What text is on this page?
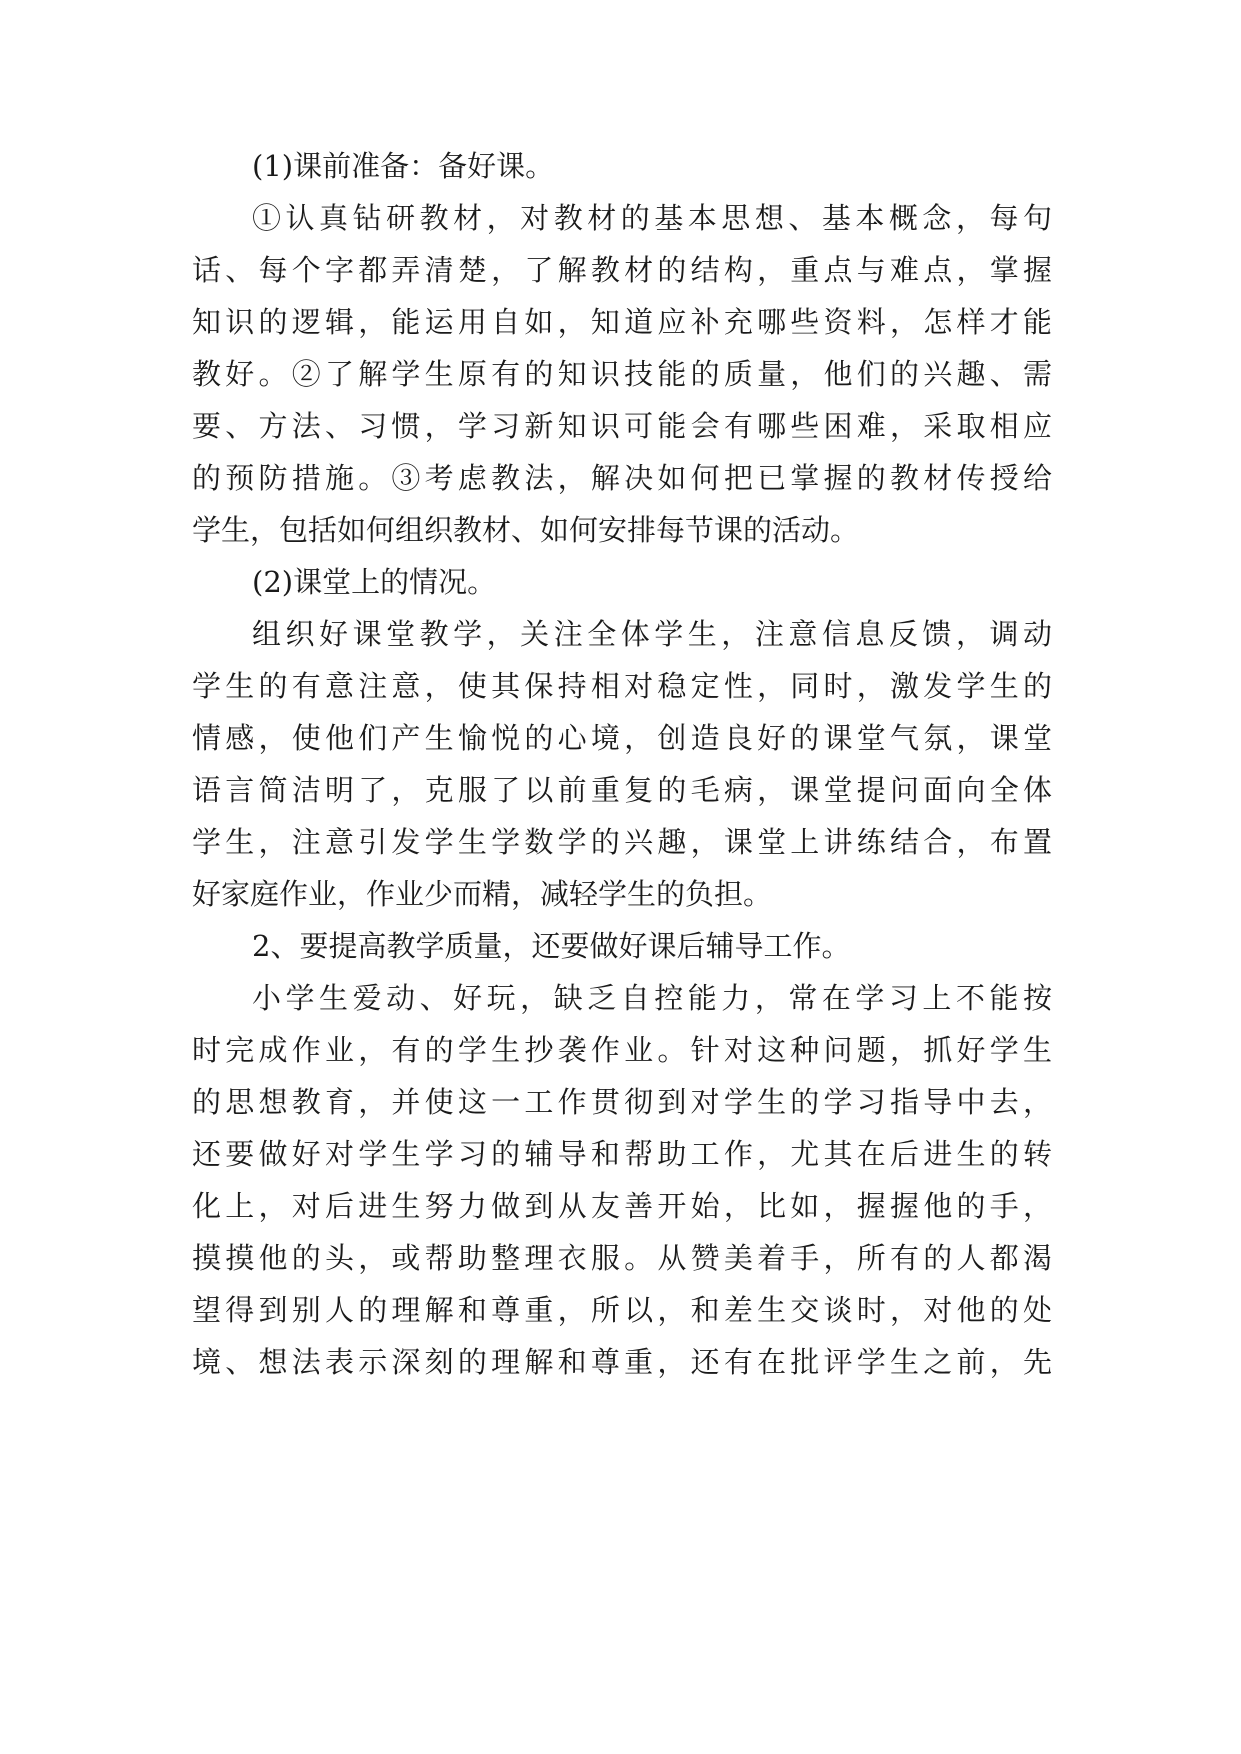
(1)课前准备：备好课。
①认真钻研教材，对教材的基本思想、基本概念，每句
话、每个字都弄清楚，了解教材的结构，重点与难点，掌握
知识的逻辑，能运用自如，知道应补充哪些资料，怎样才能
教好。②了解学生原有的知识技能的质量，他们的兴趣、需
要、方法、习惯，学习新知识可能会有哪些困难，采取相应
的预防措施。③考虑教法，解决如何把已掌握的教材传授给
学生，包括如何组织教材、如何安排每节课的活动。
(2)课堂上的情况。
组织好课堂教学，关注全体学生，注意信息反馈，调动
学生的有意注意，使其保持相对稳定性，同时，激发学生的
情感，使他们产生愉悦的心境，创造良好的课堂气氛，课堂
语言简洁明了，克服了以前重复的毛病，课堂提问面向全体
学生，注意引发学生学数学的兴趣，课堂上讲练结合，布置
好家庭作业，作业少而精，减轻学生的负担。
2、要提高教学质量，还要做好课后辅导工作。
小学生爱动、好玩，缺乏自控能力，常在学习上不能按
时完成作业，有的学生抄袭作业。针对这种问题，抓好学生
的思想教育，并使这一工作贯彻到对学生的学习指导中去，
还要做好对学生学习的辅导和帮助工作，尤其在后进生的转
化上，对后进生努力做到从友善开始，比如，握握他的手，
摸摸他的头，或帮助整理衣服。从赞美着手，所有的人都渴
望得到别人的理解和尊重，所以，和差生交谈时，对他的处
境、想法表示深刻的理解和尊重，还有在批评学生之前，先
